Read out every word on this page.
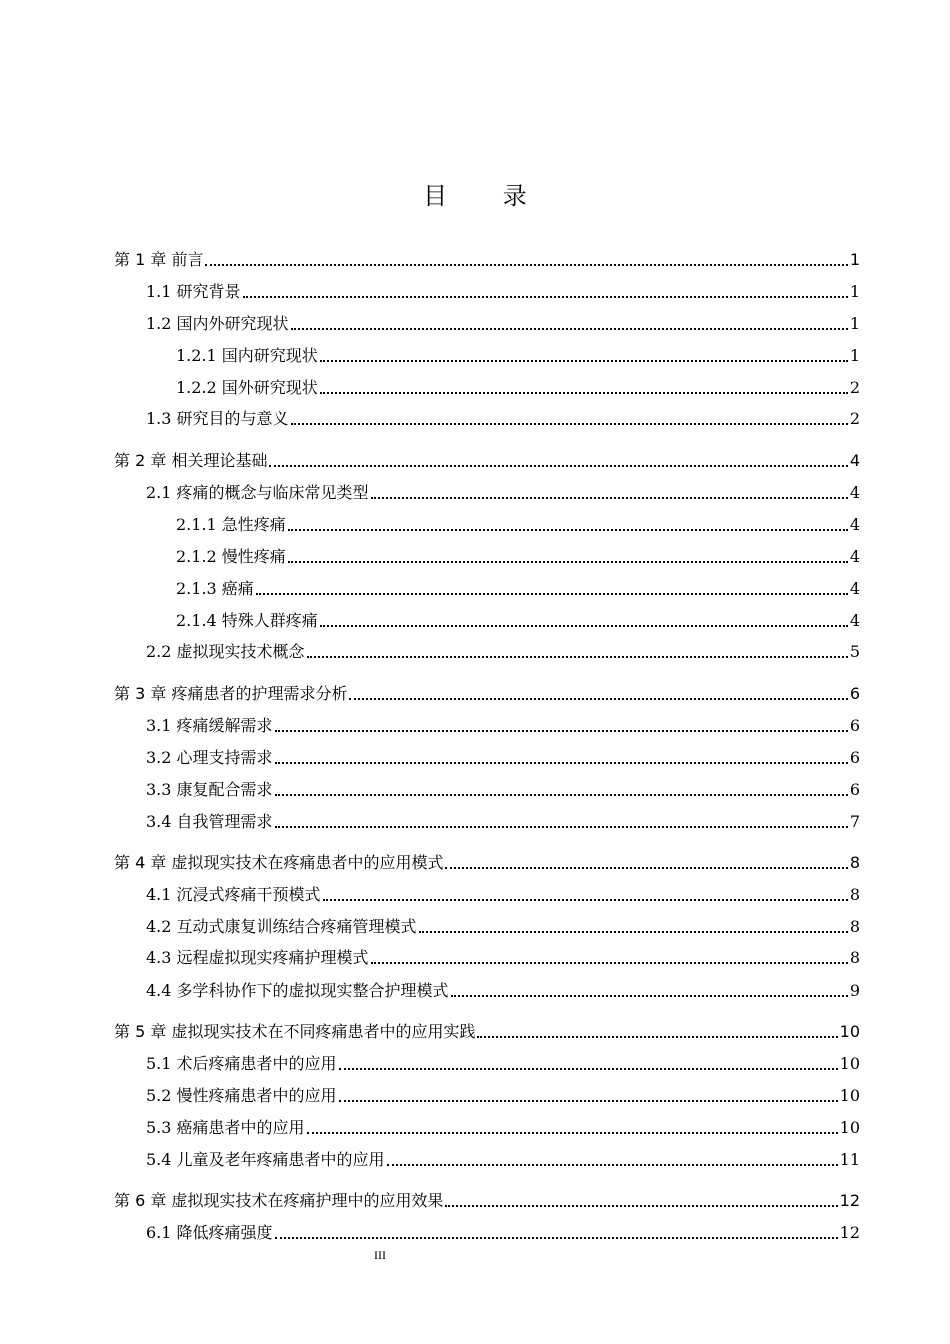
目 录
第 1 章 前言	1
1.1 研究背景	1
1.2 国内外研究现状	1
1.2.1 国内研究现状	1
1.2.2 国外研究现状	2
1.3 研究目的与意义	2
第 2 章 相关理论基础	4
2.1 疼痛的概念与临床常见类型	4
2.1.1 急性疼痛	4
2.1.2 慢性疼痛	4
2.1.3 癌痛	4
2.1.4 特殊人群疼痛	4
2.2 虚拟现实技术概念	5
第 3 章 疼痛患者的护理需求分析	6
3.1 疼痛缓解需求	6
3.2 心理支持需求	6
3.3 康复配合需求	6
3.4 自我管理需求	7
第 4 章 虚拟现实技术在疼痛患者中的应用模式	8
4.1 沉浸式疼痛干预模式	8
4.2 互动式康复训练结合疼痛管理模式	8
4.3 远程虚拟现实疼痛护理模式	8
4.4 多学科协作下的虚拟现实整合护理模式	9
第 5 章 虚拟现实技术在不同疼痛患者中的应用实践	10
5.1 术后疼痛患者中的应用	10
5.2 慢性疼痛患者中的应用	10
5.3 癌痛患者中的应用	10
5.4 儿童及老年疼痛患者中的应用	11
第 6 章 虚拟现实技术在疼痛护理中的应用效果	12
6.1 降低疼痛强度	12
III
